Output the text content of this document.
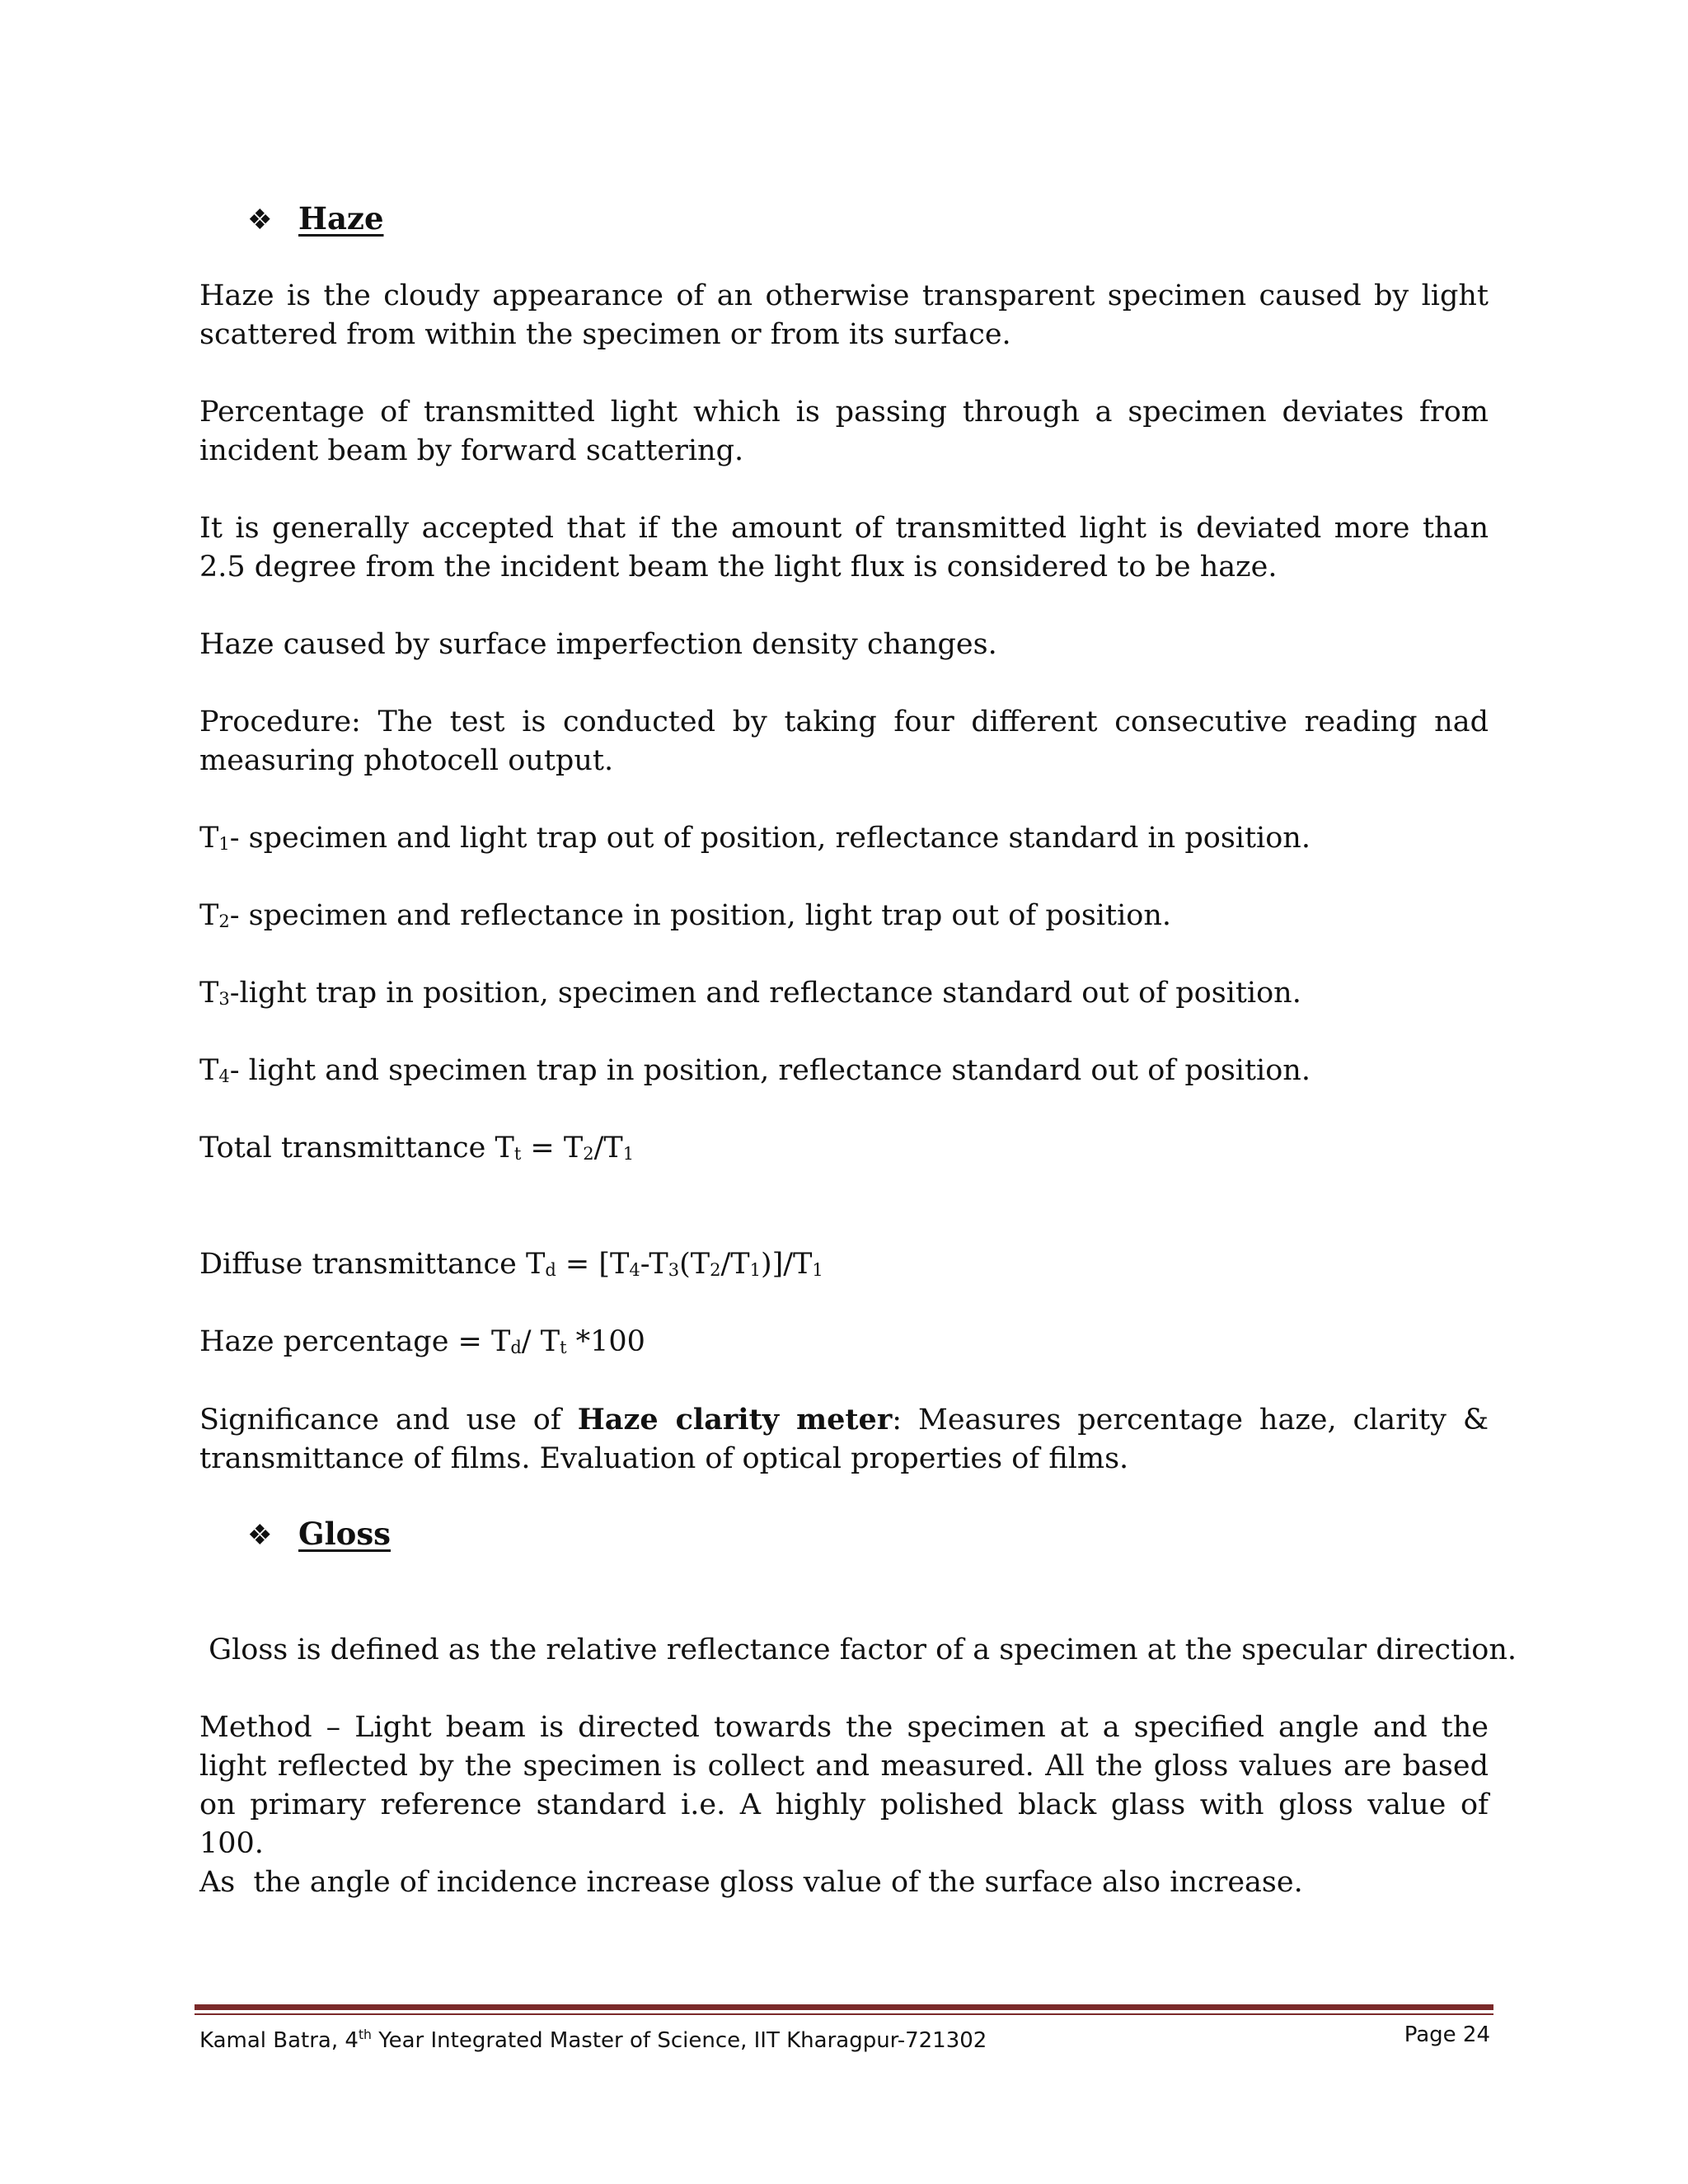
❖ Haze

Haze is the cloudy appearance of an otherwise transparent specimen caused by light scattered from within the specimen or from its surface.

Percentage of transmitted light which is passing through a specimen deviates from incident beam by forward scattering.

It is generally accepted that if the amount of transmitted light is deviated more than 2.5 degree from the incident beam the light flux is considered to be haze.

Haze caused by surface imperfection density changes.

Procedure: The test is conducted by taking four different consecutive reading nad measuring photocell output.

$T_1-$ specimen and light trap out of position, reflectance standard in position.

$T_2-$ specimen and reflectance in position, light trap out of position.

$T_3$-light trap in position, specimen and reflectance standard out of position.

$T_4-$ light and specimen trap in position, reflectance standard out of position.

Total transmittance $T_t = T_2/T_1$

Diffuse transmittance $T_d = [T_4-T_3(T_2/T_1)]/T_1$

Haze percentage = $T_d/$ $T_t$ *100

Significance and use of Haze clarity meter: Measures percentage haze, clarity & transmittance of films. Evaluation of optical properties of films.

❖ Gloss

Gloss is defined as the relative reflectance factor of a specimen at the specular direction.

Method – Light beam is directed towards the specimen at a specified angle and the light reflected by the specimen is collect and measured. All the gloss values are based on primary reference standard i.e. A highly polished black glass with gloss value of 100.

As  the angle of incidence increase gloss value of the surface also increase.

Kamal Batra, 4th Year Integrated Master of Science, IIT Kharagpur-721302	Page 24
